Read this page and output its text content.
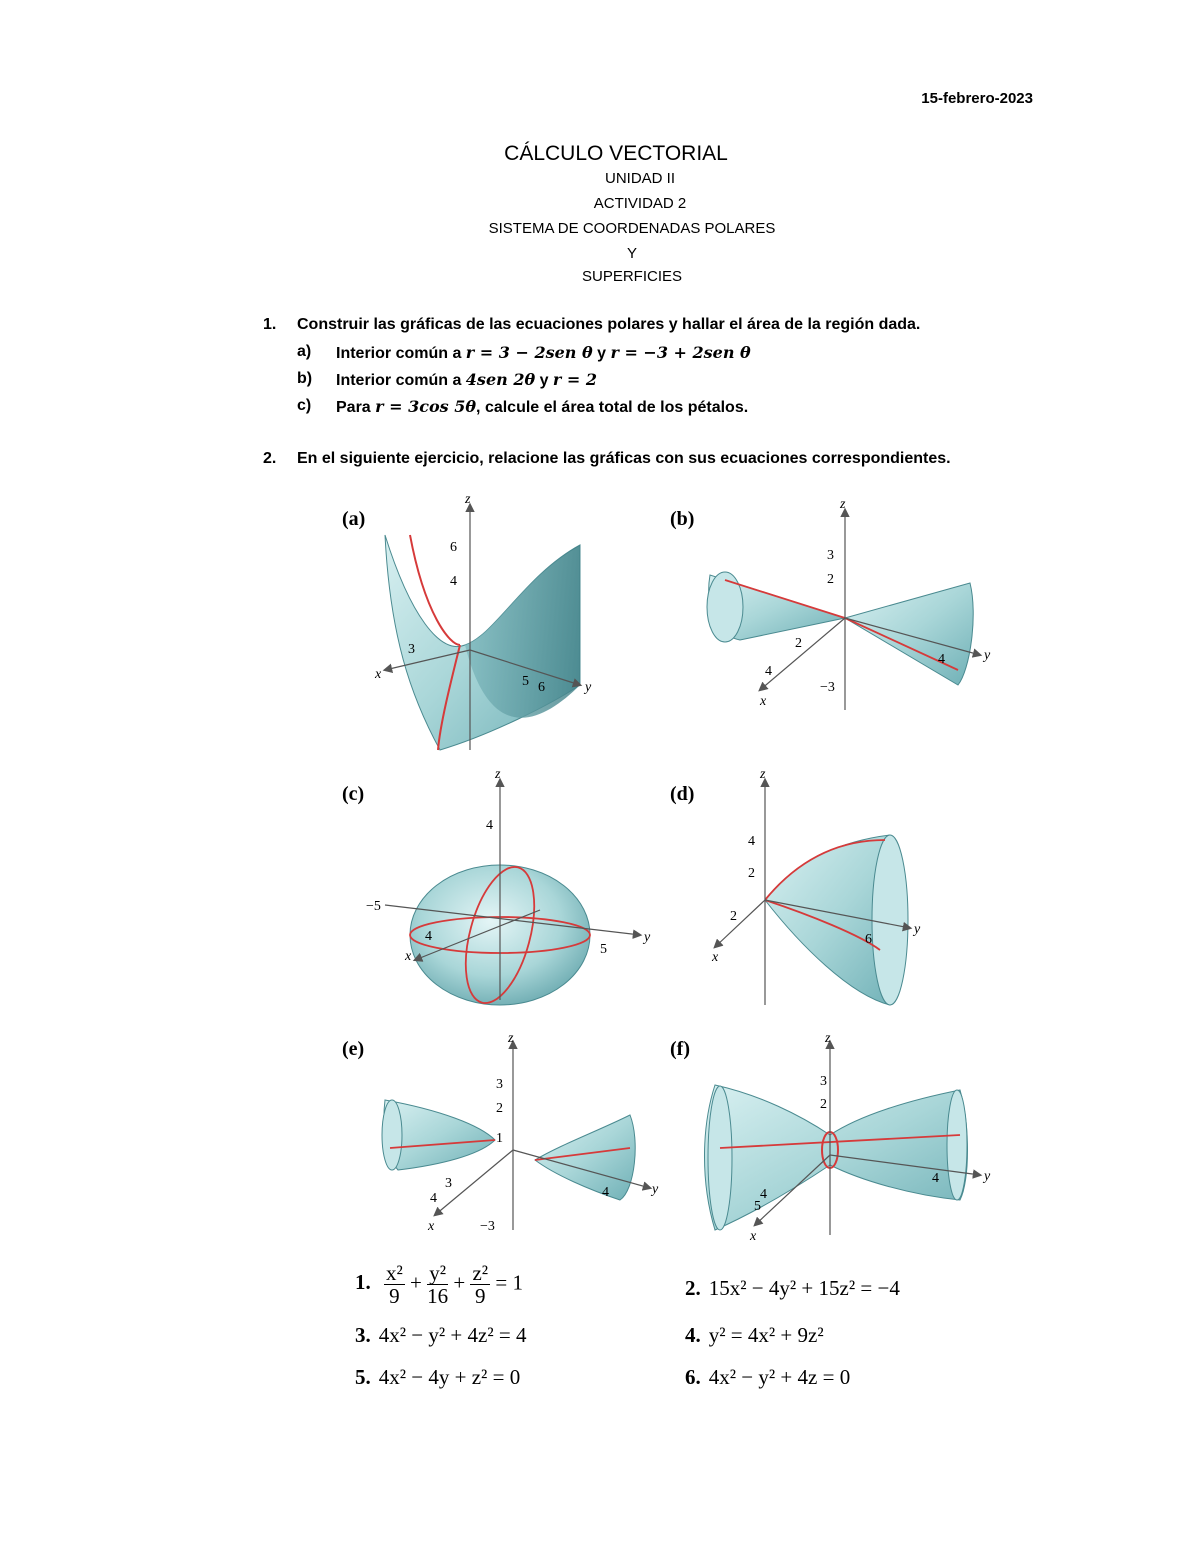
15-febrero-2023
CÁLCULO VECTORIAL
UNIDAD II
ACTIVIDAD 2
SISTEMA DE COORDENADAS POLARES
Y
SUPERFICIES
1. Construir las gráficas de las ecuaciones polares y hallar el área de la región dada.
a) Interior común a r = 3 − 2sen θ y r = −3 + 2sen θ
b) Interior común a 4sen 2θ y r = 2
c) Para r = 3cos 5θ, calcule el área total de los pétalos.
2. En el siguiente ejercicio, relacione las gráficas con sus ecuaciones correspondientes.
(a)
z
y
x
6
4
3
5 6
(b)
z
y
x
3
2
2
4
4
−3
(c)
z
y
x
4
−5
4
5
(d)
z
y
x
4
2
2
6
(e)	z
y
x
3
2
1
3
4	4
−3
(f)	z
y
x
3
2
5
4
4
1. $\frac{\text{x²}}{9} + \frac{\text{y²}}{16} + \frac{\text{z²}}{9} = 1$	2. 15x² − 4y² + 15z² = −4
3. 4x² − y² + 4z² = 4	4. y² = 4x² + 9z²
5. 4x² − 4y + z² = 0	6. 4x² − y² + 4z = 0
